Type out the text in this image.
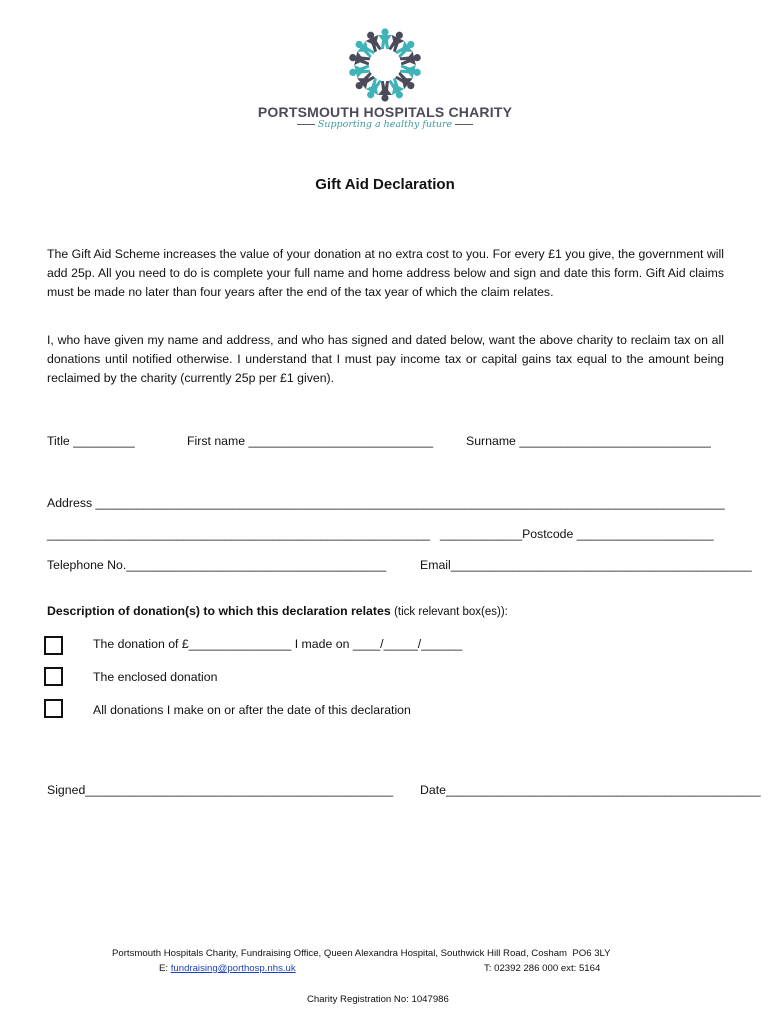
PORTSMOUTH HOSPITALS CHARITY
Supporting a healthy future
Gift Aid Declaration

The Gift Aid Scheme increases the value of your donation at no extra cost to you. For every £1 you give, the government will add 25p. All you need to do is complete your full name and home address below and sign and date this form. Gift Aid claims must be made no later than four years after the end of the tax year of which the claim relates.

I, who have given my name and address, and who has signed and dated below, want the above charity to reclaim tax on all donations until notified otherwise. I understand that I must pay income tax or capital gains tax equal to the amount being reclaimed by the charity (currently 25p per £1 given).

Title _________	First name ___________________________	Surname ____________________________
Address ____________________________________________________________________________________________
________________________________________________________ ____________Postcode ____________________
Telephone No.______________________________________	Email____________________________________________
Description of donation(s) to which this declaration relates (tick relevant box(es)):
The donation of £_______________ I made on ____/_____/______
The enclosed donation
All donations I make on or after the date of this declaration
Signed_____________________________________________ Date______________________________________________
Portsmouth Hospitals Charity, Fundraising Office, Queen Alexandra Hospital, Southwick Hill Road, Cosham  PO6 3LY
E: fundraising@porthosp.nhs.uk	T: 02392 286 000 ext: 5164
Charity Registration No: 1047986
